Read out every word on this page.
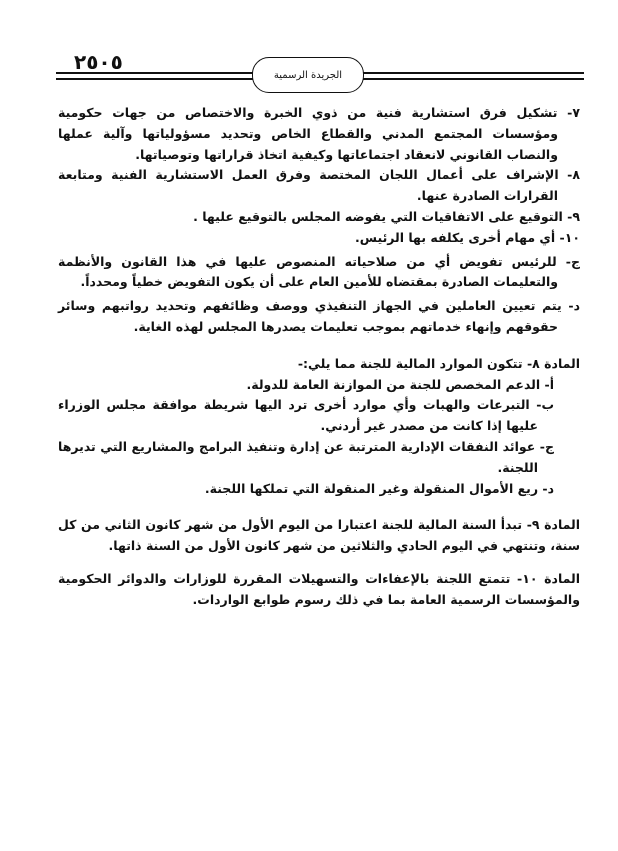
٢٥٠٥
الجريدة الرسمية

٧- تشكيل فرق استشارية فنية من ذوي الخبرة والاختصاص من جهات حكومية ومؤسسات المجتمع المدني والقطاع الخاص وتحديد مسؤولياتها وآلية عملها والنصاب القانوني لانعقاد اجتماعاتها وكيفية اتخاذ قراراتها وتوصياتها.

٨- الإشراف على أعمال اللجان المختصة وفرق العمل الاستشارية الفنية ومتابعة القرارات الصادرة عنها.

٩- التوقيع على الاتفاقيات التي يفوضه المجلس بالتوقيع عليها .

١٠- أي مهام أخرى يكلفه بها الرئيس.

ج- للرئيس تفويض أي من صلاحياته المنصوص عليها في هذا القانون والأنظمة والتعليمات الصادرة بمقتضاه للأمين العام على أن يكون التفويض خطياً ومحدداً.

د- يتم تعيين العاملين في الجهاز التنفيذي ووصف وظائفهم وتحديد رواتبهم وسائر حقوقهم وإنهاء خدماتهم بموجب تعليمات يصدرها المجلس لهذه الغاية.

المادة ٨- تتكون الموارد المالية للجنة مما يلي:-

أ- الدعم المخصص للجنة من الموازنة العامة للدولة.

ب- التبرعات والهبات وأي موارد أخرى ترد اليها شريطة موافقة مجلس الوزراء عليها إذا كانت من مصدر غير أردني.

ج- عوائد النفقات الإدارية المترتبة عن إدارة وتنفيذ البرامج والمشاريع التي تديرها اللجنة.

د- ريع الأموال المنقولة وغير المنقولة التي تملكها اللجنة.

المادة ٩- تبدأ السنة المالية للجنة اعتبارا من اليوم الأول من شهر كانون الثاني من كل سنة، وتنتهي في اليوم الحادي والثلاثين من شهر كانون الأول من السنة ذاتها.

المادة ١٠- تتمتع اللجنة بالإعفاءات والتسهيلات المقررة للوزارات والدوائر الحكومية والمؤسسات الرسمية العامة بما في ذلك رسوم طوابع الواردات.
